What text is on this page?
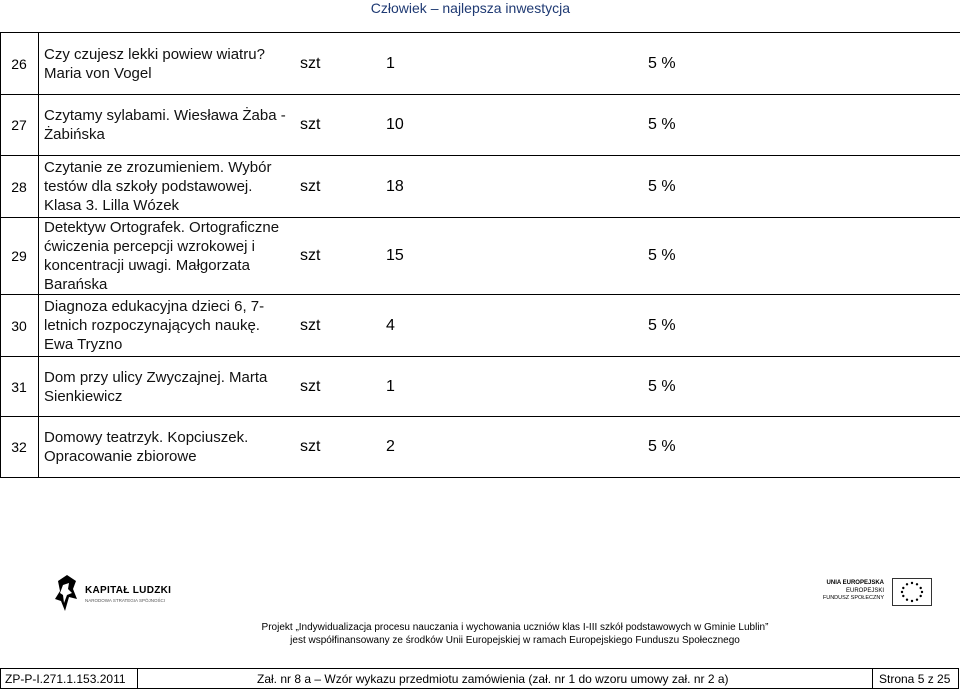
Człowiek – najlepsza inwestycja
26
Czy czujesz lekki powiew wiatru?
Maria von Vogel
szt	1	5 %
27
Czytamy sylabami. Wiesława Żaba -
Żabińska
szt	10	5 %
28
Czytanie ze zrozumieniem. Wybór
testów dla szkoły podstawowej.
Klasa 3. Lilla Wózek
szt	18	5 %
29
Detektyw Ortografek. Ortograficzne
ćwiczenia percepcji wzrokowej i
koncentracji uwagi. Małgorzata
Barańska
szt	15	5 %
30
Diagnoza edukacyjna dzieci 6, 7-
letnich rozpoczynających naukę.
Ewa Tryzno
szt	4	5 %
31
Dom przy ulicy Zwyczajnej. Marta
Sienkiewicz
szt	1	5 %
32
Domowy teatrzyk. Kopciuszek.
Opracowanie zbiorowe
szt	2	5 %
KAPITAŁ LUDZKI
NARODOWA STRATEGIA SPÓJNOŚCI
UNIA EUROPEJSKA
EUROPEJSKI
FUNDUSZ SPOŁECZNY
Projekt „Indywidualizacja procesu nauczania i wychowania uczniów klas I-III szkół podstawowych w Gminie Lublin”
jest współfinansowany ze środków Unii Europejskiej w ramach Europejskiego Funduszu Społecznego
ZP-P-I.271.1.153.2011	Zał. nr 8 a – Wzór wykazu przedmiotu zamówienia (zał. nr 1 do wzoru umowy zał. nr 2 a)	Strona 5 z 25
